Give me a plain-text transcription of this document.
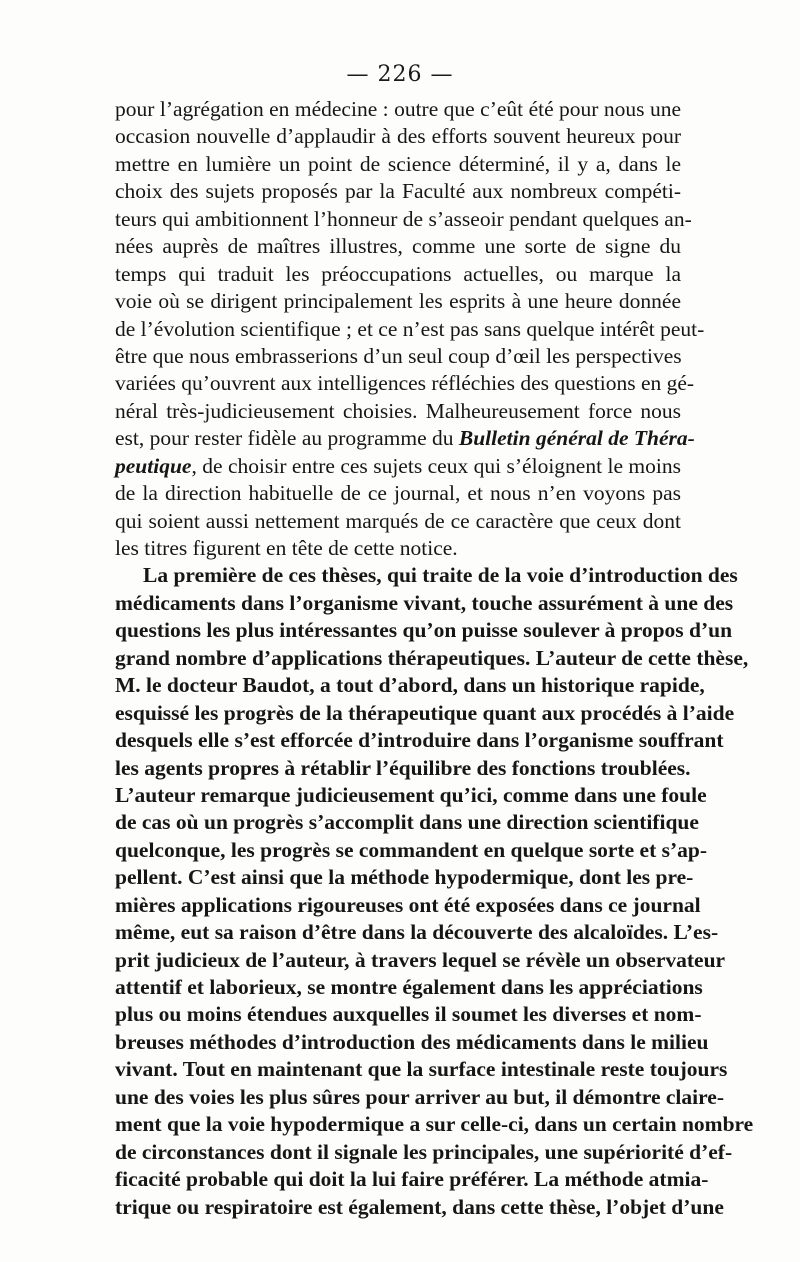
— 226 —
pour l’agrégation en médecine : outre que c’eût été pour nous une
occasion nouvelle d’applaudir à des efforts souvent heureux pour
mettre en lumière un point de science déterminé, il y a, dans le
choix des sujets proposés par la Faculté aux nombreux compéti-
teurs qui ambitionnent l’honneur de s’asseoir pendant quelques an-
nées auprès de maîtres illustres, comme une sorte de signe du
temps qui traduit les préoccupations actuelles, ou marque la
voie où se dirigent principalement les esprits à une heure donnée
de l’évolution scientifique ; et ce n’est pas sans quelque intérêt peut-
être que nous embrasserions d’un seul coup d’œil les perspectives
variées qu’ouvrent aux intelligences réfléchies des questions en gé-
néral très-judicieusement choisies. Malheureusement force nous
est, pour rester fidèle au programme du Bulletin général de Théra-
peutique, de choisir entre ces sujets ceux qui s’éloignent le moins
de la direction habituelle de ce journal, et nous n’en voyons pas
qui soient aussi nettement marqués de ce caractère que ceux dont
les titres figurent en tête de cette notice.
La première de ces thèses, qui traite de la voie d’introduction des
médicaments dans l’organisme vivant, touche assurément à une des
questions les plus intéressantes qu’on puisse soulever à propos d’un
grand nombre d’applications thérapeutiques. L’auteur de cette thèse,
M. le docteur Baudot, a tout d’abord, dans un historique rapide,
esquissé les progrès de la thérapeutique quant aux procédés à l’aide
desquels elle s’est efforcée d’introduire dans l’organisme souffrant
les agents propres à rétablir l’équilibre des fonctions troublées.
L’auteur remarque judicieusement qu’ici, comme dans une foule
de cas où un progrès s’accomplit dans une direction scientifique
quelconque, les progrès se commandent en quelque sorte et s’ap-
pellent. C’est ainsi que la méthode hypodermique, dont les pre-
mières applications rigoureuses ont été exposées dans ce journal
même, eut sa raison d’être dans la découverte des alcaloïdes. L’es-
prit judicieux de l’auteur, à travers lequel se révèle un observateur
attentif et laborieux, se montre également dans les appréciations
plus ou moins étendues auxquelles il soumet les diverses et nom-
breuses méthodes d’introduction des médicaments dans le milieu
vivant. Tout en maintenant que la surface intestinale reste toujours
une des voies les plus sûres pour arriver au but, il démontre claire-
ment que la voie hypodermique a sur celle-ci, dans un certain nombre
de circonstances dont il signale les principales, une supériorité d’ef-
ficacité probable qui doit la lui faire préférer. La méthode atmia-
trique ou respiratoire est également, dans cette thèse, l’objet d’une
